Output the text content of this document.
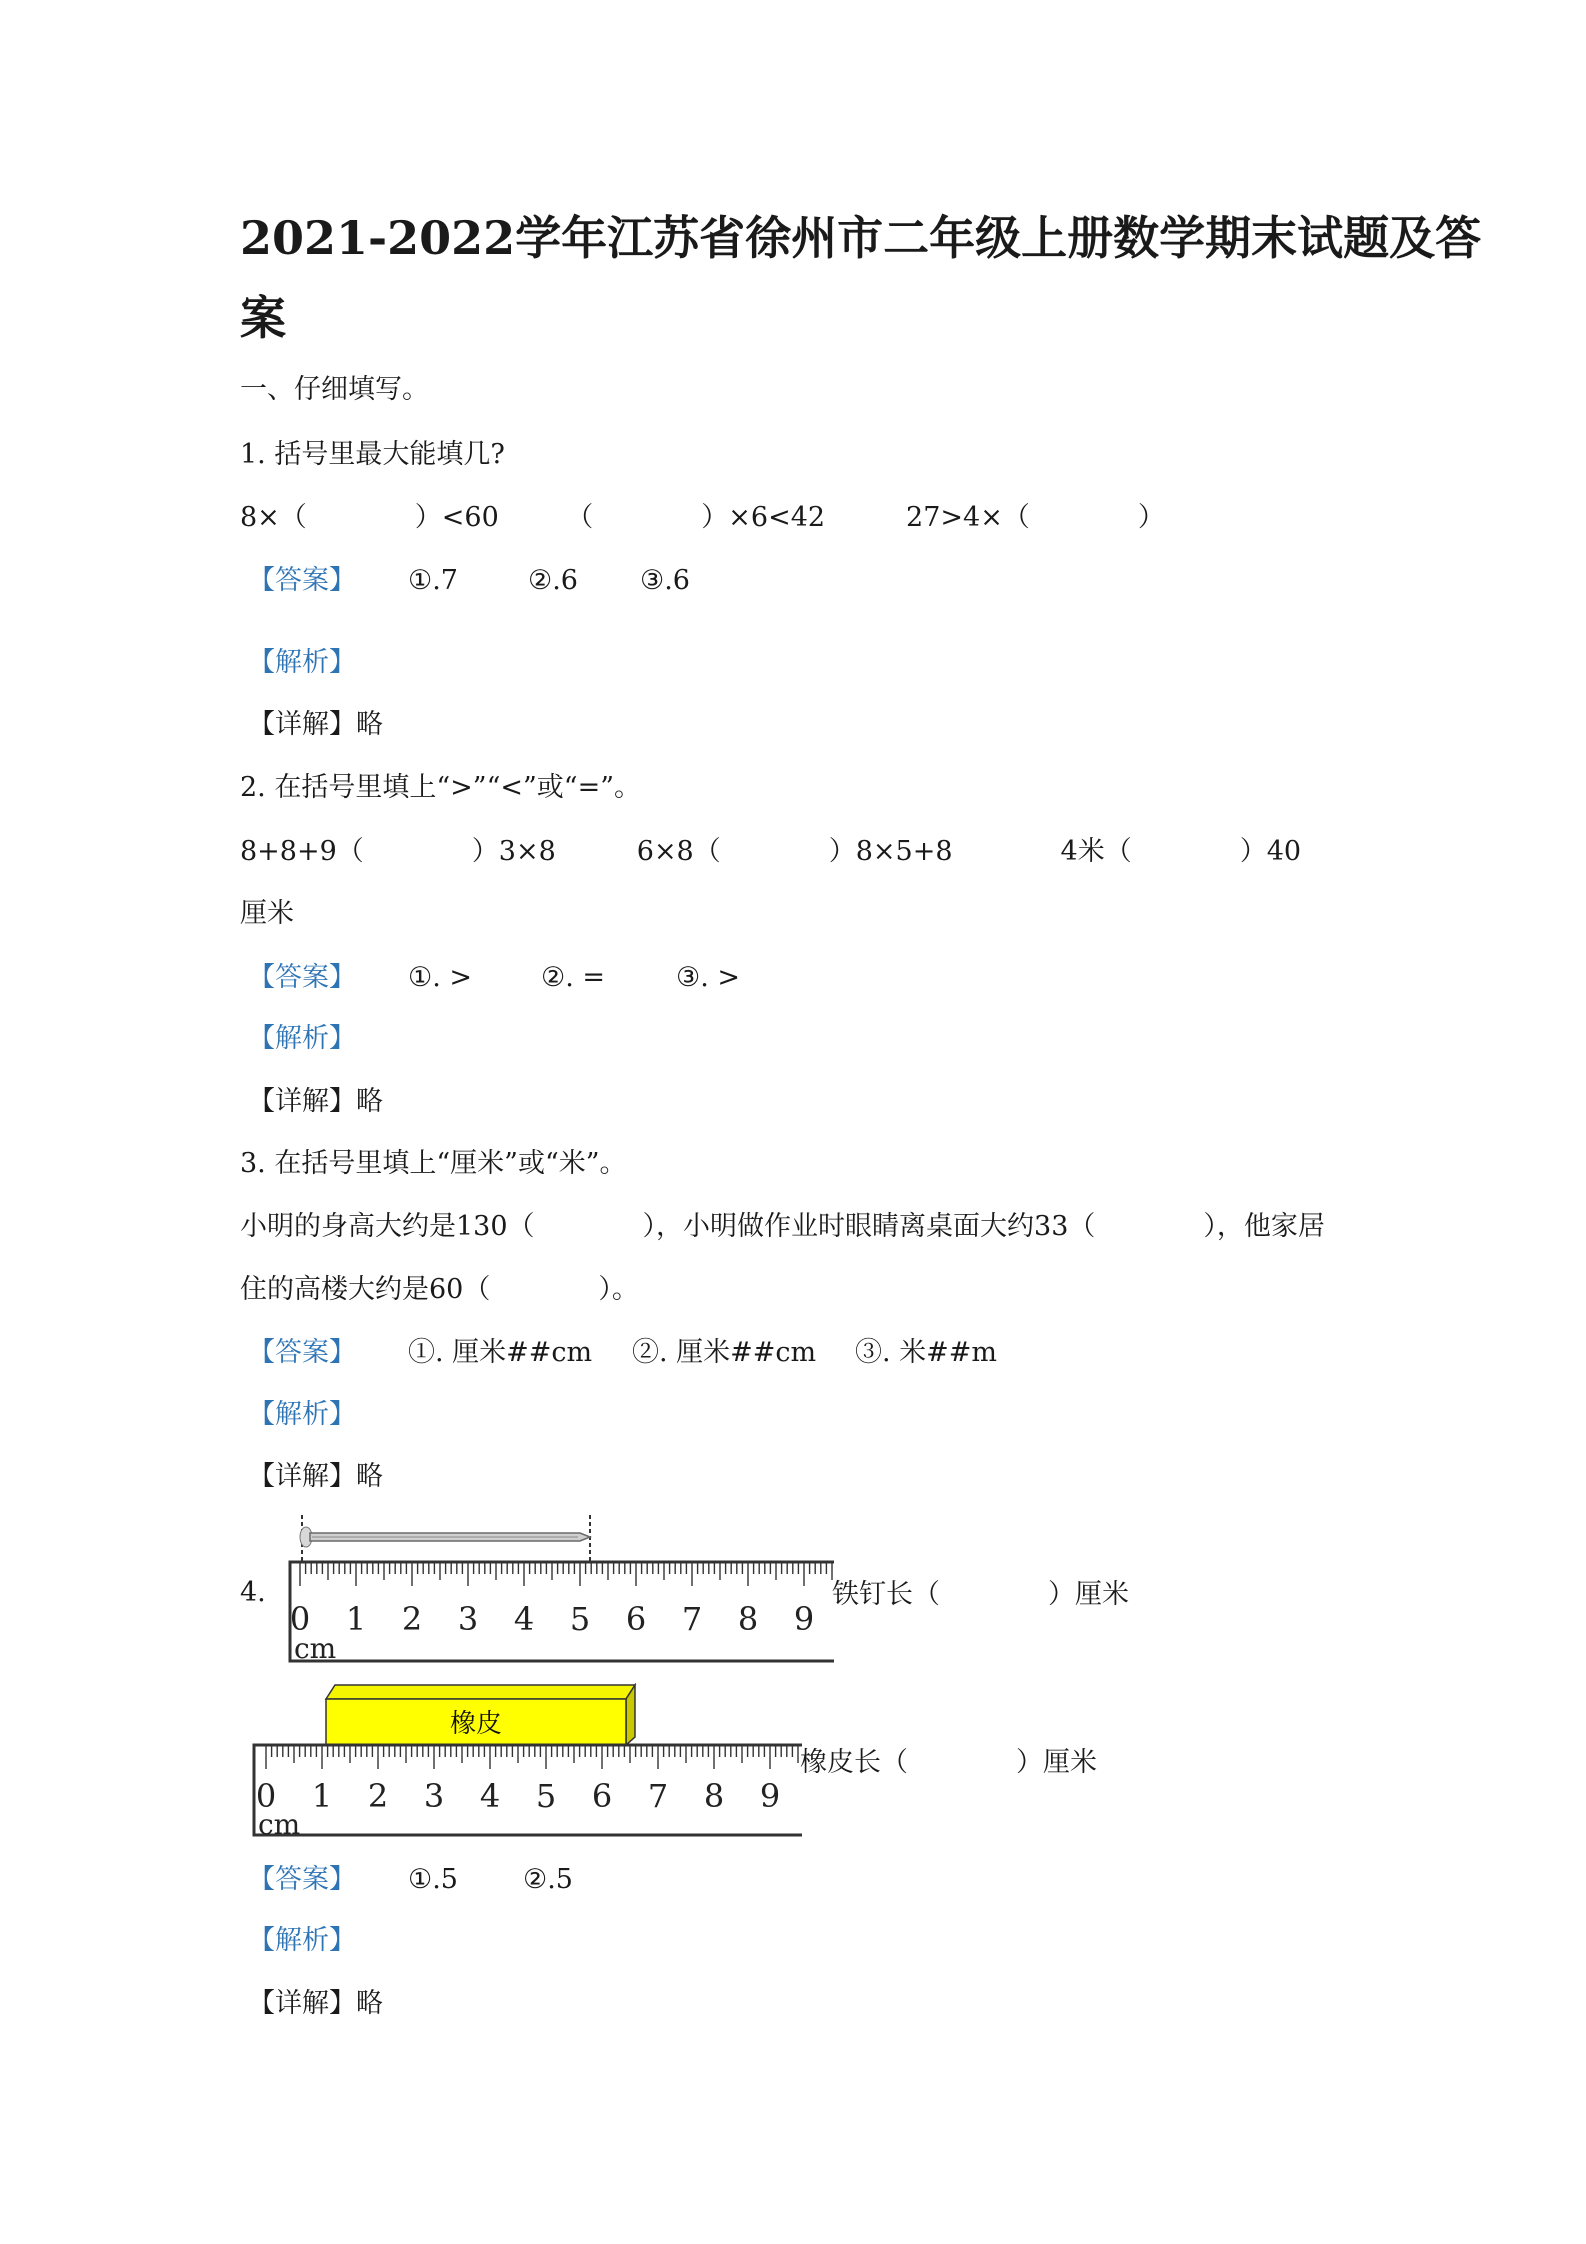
2021-2022学年江苏省徐州市二年级上册数学期末试题及答
案
一、仔细填写。
1. 括号里最大能填几?
8×（　　　　）<60　　　（　　　　）×6<42　　　27>4×（　　　　）
【答案】 ①.7	②.6 ③.6
【解析】
【详解】略
2. 在括号里填上“>”“<”或“=”。
8+8+9（　　　　）3×8　　　6×8（　　　　）8×5+8　　　　4米（　　　　）40
厘米
【答案】 ①. >	②. =	③. >
【解析】
【详解】略
3. 在括号里填上“厘米”或“米”。
小明的身高大约是130（　　　　），小明做作业时眼睛离桌面大约33（　　　　），他家居
住的高楼大约是60（　　　　）。
【答案】 ①. 厘米##cm ②. 厘米##cm ③. 米##m
【解析】
【详解】略
4.
0 1 2 3 4 5 6 7 8 9
cm
铁钉长（　　　　）厘米
橡皮
0 1 2 3 4 5 6 7 8 9
cm
橡皮长（　　　　）厘米
【答案】 ①.5 ②.5
【解析】
【详解】略
